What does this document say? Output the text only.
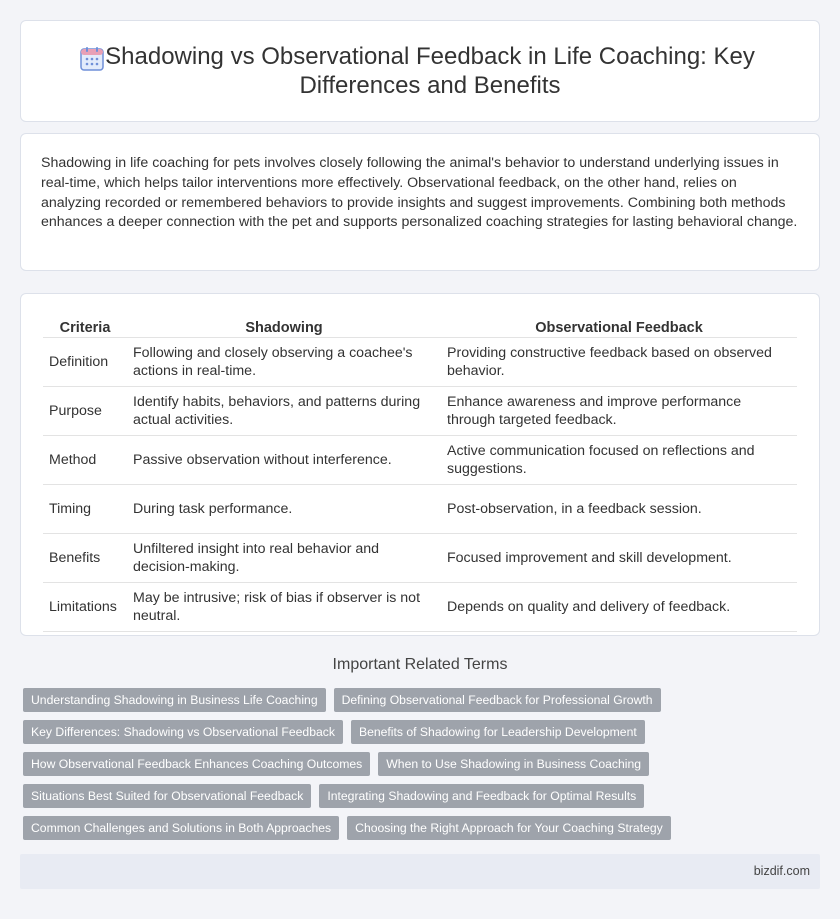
Shadowing vs Observational Feedback in Life Coaching: Key Differences and Benefits

Shadowing in life coaching for pets involves closely following the animal's behavior to understand underlying issues in real-time, which helps tailor interventions more effectively. Observational feedback, on the other hand, relies on analyzing recorded or remembered behaviors to provide insights and suggest improvements. Combining both methods enhances a deeper connection with the pet and supports personalized coaching strategies for lasting behavioral change.

Criteria	Shadowing	Observational Feedback
Definition	Following and closely observing a coachee's actions in real-time.	Providing constructive feedback based on observed behavior.
Purpose	Identify habits, behaviors, and patterns during actual activities.	Enhance awareness and improve performance through targeted feedback.
Method	Passive observation without interference.	Active communication focused on reflections and suggestions.
Timing	During task performance.	Post-observation, in a feedback session.
Benefits	Unfiltered insight into real behavior and decision-making.	Focused improvement and skill development.
Limitations	May be intrusive; risk of bias if observer is not neutral.	Depends on quality and delivery of feedback.
Important Related Terms
Understanding Shadowing in Business Life Coaching	Defining Observational Feedback for Professional Growth
Key Differences: Shadowing vs Observational Feedback	Benefits of Shadowing for Leadership Development
How Observational Feedback Enhances Coaching Outcomes	When to Use Shadowing in Business Coaching
Situations Best Suited for Observational Feedback	Integrating Shadowing and Feedback for Optimal Results
Common Challenges and Solutions in Both Approaches	Choosing the Right Approach for Your Coaching Strategy
bizdif.com
